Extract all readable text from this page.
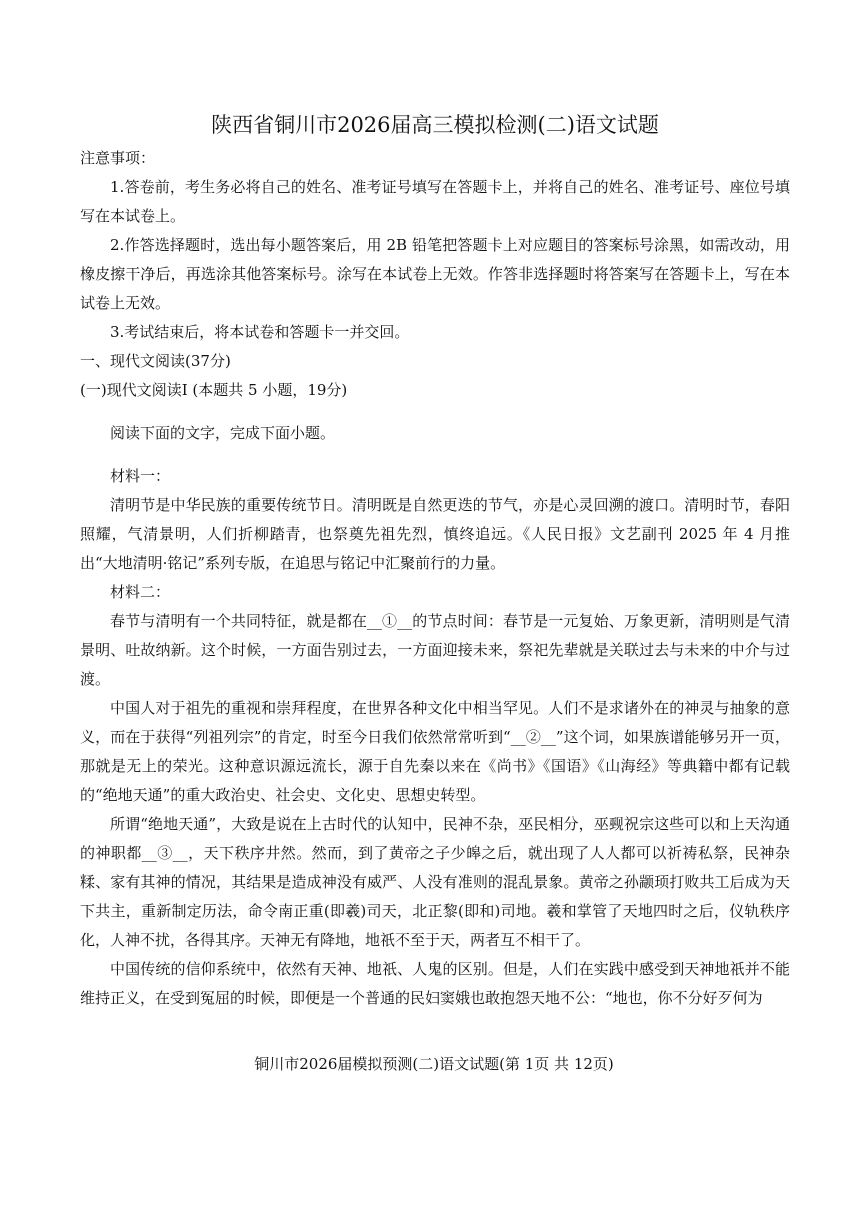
陕西省铜川市2026届高三模拟检测(二)语文试题

注意事项：

1.答卷前，考生务必将自己的姓名、准考证号填写在答题卡上，并将自己的姓名、准考证号、座位号填写在本试卷上。

2.作答选择题时，选出每小题答案后，用 2B 铅笔把答题卡上对应题目的答案标号涂黑，如需改动，用橡皮擦干净后，再选涂其他答案标号。涂写在本试卷上无效。作答非选择题时将答案写在答题卡上，写在本试卷上无效。

3.考试结束后，将本试卷和答题卡一并交回。

一、现代文阅读(37分)

(一)现代文阅读Ⅰ (本题共 5 小题，19分)

阅读下面的文字，完成下面小题。

材料一：

清明节是中华民族的重要传统节日。清明既是自然更迭的节气，亦是心灵回溯的渡口。清明时节，春阳照耀，气清景明，人们折柳踏青，也祭奠先祖先烈，慎终追远。《人民日报》文艺副刊 2025 年 4 月推出“大地清明·铭记”系列专版，在追思与铭记中汇聚前行的力量。

材料二：

春节与清明有一个共同特征，就是都在__①__的节点时间：春节是一元复始、万象更新，清明则是气清景明、吐故纳新。这个时候，一方面告别过去，一方面迎接未来，祭祀先辈就是关联过去与未来的中介与过渡。

中国人对于祖先的重视和崇拜程度，在世界各种文化中相当罕见。人们不是求诸外在的神灵与抽象的意义，而在于获得“列祖列宗”的肯定，时至今日我们依然常常听到“__②__”这个词，如果族谱能够另开一页，那就是无上的荣光。这种意识源远流长，源于自先秦以来在《尚书》《国语》《山海经》等典籍中都有记载的“绝地天通”的重大政治史、社会史、文化史、思想史转型。

所谓“绝地天通”，大致是说在上古时代的认知中，民神不杂，巫民相分，巫觋祝宗这些可以和上天沟通的神职都__③__，天下秩序井然。然而，到了黄帝之子少皞之后，就出现了人人都可以祈祷私祭，民神杂糅、家有其神的情况，其结果是造成神没有威严、人没有准则的混乱景象。黄帝之孙颛顼打败共工后成为天下共主，重新制定历法，命令南正重(即羲)司天，北正黎(即和)司地。羲和掌管了天地四时之后，仪轨秩序化，人神不扰，各得其序。天神无有降地，地祇不至于天，两者互不相干了。

中国传统的信仰系统中，依然有天神、地祇、人鬼的区别。但是，人们在实践中感受到天神地祇并不能维持正义，在受到冤屈的时候，即便是一个普通的民妇窦娥也敢抱怨天地不公：“地也，你不分好歹何为

铜川市2026届模拟预测(二)语文试题(第 1页 共 12页)
